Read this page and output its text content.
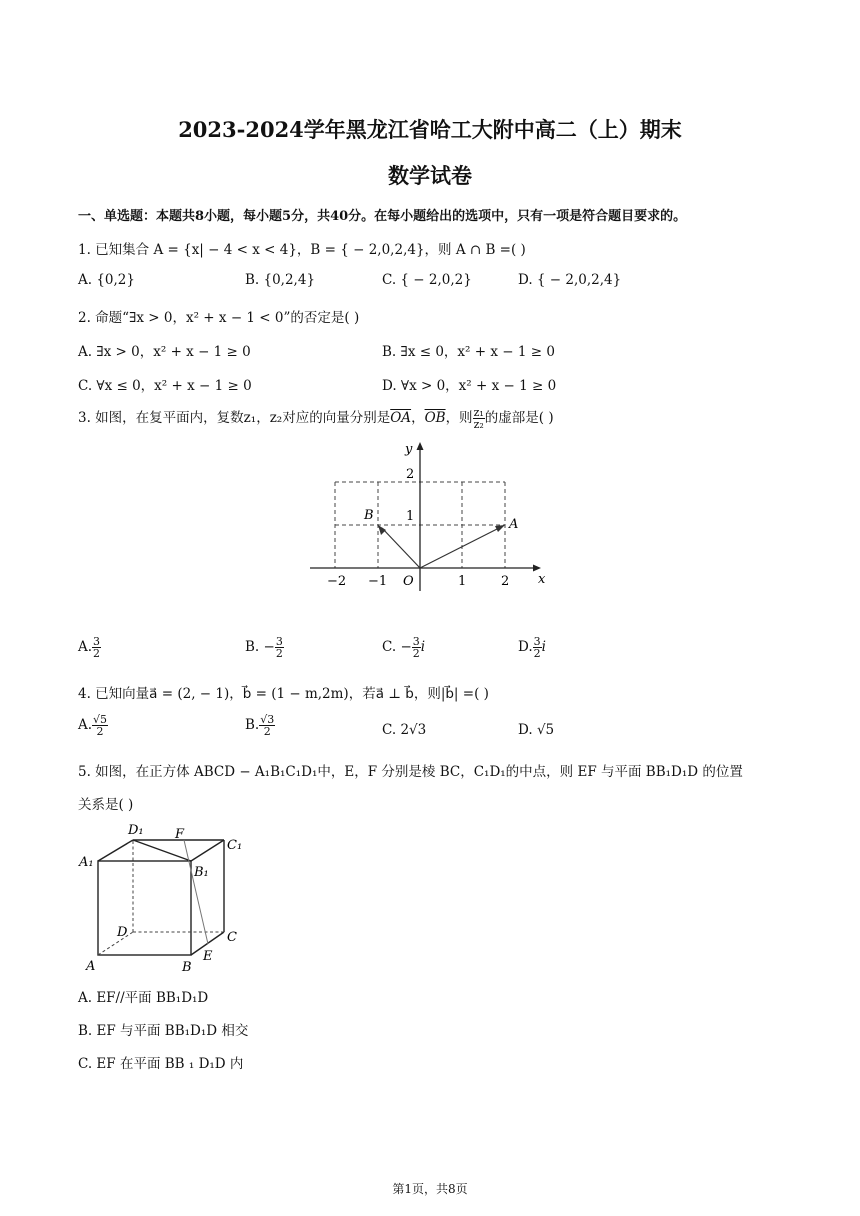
2023-2024学年黑龙江省哈工大附中高二（上）期末
数学试卷
一、单选题：本题共8小题，每小题5分，共40分。在每小题给出的选项中，只有一项是符合题目要求的。
1. 已知集合 A = {x| − 4 < x < 4}，B = { − 2,0,2,4}，则 A ∩ B =( )
A. {0,2}	B. {0,2,4}	C. { − 2,0,2}	D. { − 2,0,2,4}
2. 命题“∃x > 0，x² + x − 1 < 0”的否定是( )
A. ∃x > 0，x² + x − 1 ≥ 0	B. ∃x ≤ 0，x² + x − 1 ≥ 0
C. ∀x ≤ 0，x² + x − 1 ≥ 0	D. ∀x > 0，x² + x − 1 ≥ 0
3. 如图，在复平面内，复数z₁，z₂对应的向量分别是$\overline{OA}$，$\overline{OB}$，则 $\frac{\text{z₁}}{\text{z₂}}$ 的虚部是( )
y
2
1
B
A
−2 −1 O	1	2 x
A. $\frac{3}{2}$	B. − $\frac{3}{2}$	C. − $\frac{3}{2}$ i	D. $\frac{3}{2}$ i
4. 已知向量a⃗ = (2, − 1)，b⃗ = (1 − m,2m)，若a⃗ ⊥ b⃗，则|b⃗| =( )
A. $\frac{√5}{2}$	B. $\frac{√3}{2}$	C. 2√3	D. √5
5. 如图，在正方体 ABCD − A₁B₁C₁D₁中，E，F 分别是棱 BC，C₁D₁的中点，则 EF 与平面 BB₁D₁D 的位置
关系是( )
A₁
D₁ F
C₁
B₁
D	C
A	B
E
A. EF//平面 BB₁D₁D
B. EF 与平面 BB₁D₁D 相交
C. EF 在平面 BB ₁ D₁D 内
第1页，共8页
